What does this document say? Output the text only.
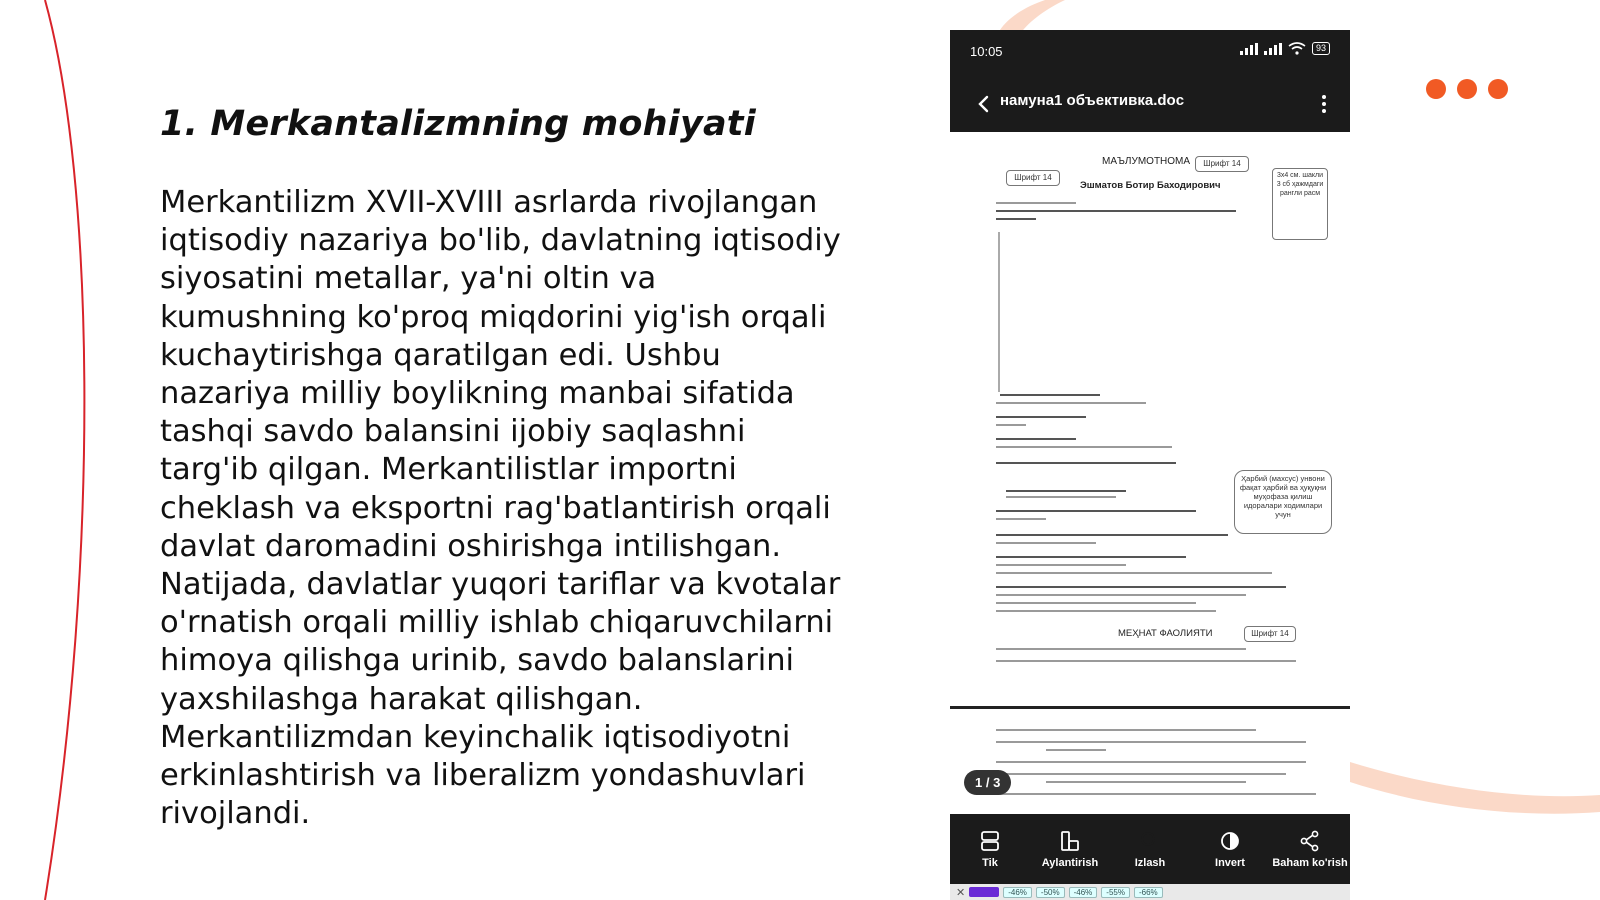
1. Merkantalizmning mohiyati

Merkantilizm XVII-XVIII asrlarda rivojlangan iqtisodiy nazariya bo'lib, davlatning iqtisodiy siyosatini metallar, ya'ni oltin va kumushning ko'proq miqdorini yig'ish orqali kuchaytirishga qaratilgan edi. Ushbu nazariya milliy boylikning manbai sifatida tashqi savdo balansini ijobiy saqlashni targ'ib qilgan. Merkantilistlar importni cheklash va eksportni rag'batlantirish orqali davlat daromadini oshirishga intilishgan. Natijada, davlatlar yuqori tariflar va kvotalar o'rnatish orqali milliy ishlab chiqaruvchilarni himoya qilishga urinib, savdo balanslarini yaxshilashga harakat qilishgan. Merkantilizmdan keyinchalik iqtisodiyotni erkinlashtirish va liberalizm yondashuvlari rivojlandi.

10:05	93
намуна1 объективка.doc
МАЪЛУМОТНОМА
Эшматов Ботир Баходирович
Шрифт 14
Шрифт 14	3x4 см. шакли 3 сб ҳажмдаги рангли расм
Ҳарбий (махсус) унвони фақат ҳарбий ва ҳуқуқни муҳофаза қилиш идоралари ходимлари учун
МЕҲНАТ ФАОЛИЯТИ	Шрифт 14
1 / 3
Tik	Aylantirish	Izlash	Invert Baham ko'rish
✕	-46%	-50%	-46%	-55%	-66%
